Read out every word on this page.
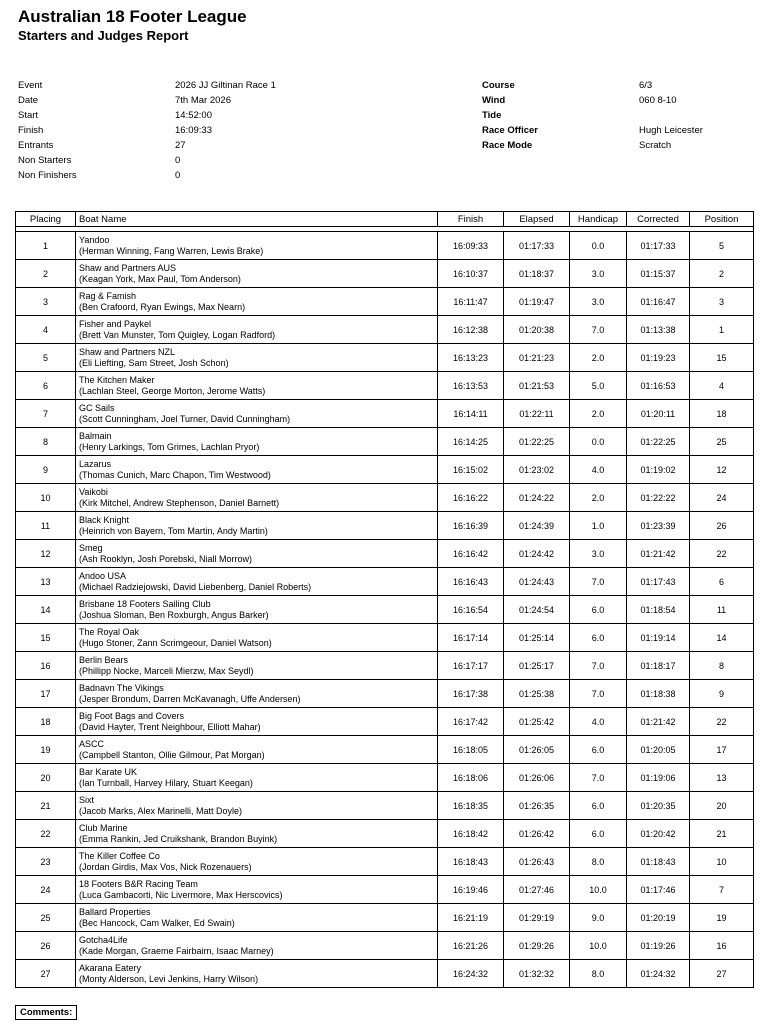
Australian 18 Footer League
Starters and Judges Report
Event	2026 JJ Giltinan Race 1
Date	7th Mar 2026
Start	14:52:00
Finish	16:09:33
Entrants	27
Non Starters	0
Non Finishers	0
Course	6/3
Wind	060 8-10
Tide
Race Officer	Hugh Leicester
Race Mode	Scratch
Placing	Boat Name	Finish	Elapsed	Handicap	Corrected	Position

1	Yandoo
(Herman Winning, Fang Warren, Lewis Brake)	16:09:33	01:17:33	0.0	01:17:33	5
2	Shaw and Partners AUS
(Keagan York, Max Paul, Tom Anderson)	16:10:37	01:18:37	3.0	01:15:37	2
3	Rag & Famish
(Ben Crafoord, Ryan Ewings, Max Nearn)	16:11:47	01:19:47	3.0	01:16:47	3
4	Fisher and Paykel
(Brett Van Munster, Tom Quigley, Logan Radford)	16:12:38	01:20:38	7.0	01:13:38	1
5	Shaw and Partners NZL
(Eli Liefting, Sam Street, Josh Schon)	16:13:23	01:21:23	2.0	01:19:23	15
6	The Kitchen Maker
(Lachlan Steel, George Morton, Jerome Watts)	16:13:53	01:21:53	5.0	01:16:53	4
7	GC Sails
(Scott Cunningham, Joel Turner, David Cunningham)	16:14:11	01:22:11	2.0	01:20:11	18
8	Balmain
(Henry Larkings, Tom Grimes, Lachlan Pryor)	16:14:25	01:22:25	0.0	01:22:25	25
9	Lazarus
(Thomas Cunich, Marc Chapon, Tim Westwood)	16:15:02	01:23:02	4.0	01:19:02	12
10	Vaikobi
(Kirk Mitchel, Andrew Stephenson, Daniel Barnett)	16:16:22	01:24:22	2.0	01:22:22	24
11	Black Knight
(Heinrich von Bayern, Tom Martin, Andy Martin)	16:16:39	01:24:39	1.0	01:23:39	26
12	Smeg
(Ash Rooklyn, Josh Porebski, Niall Morrow)	16:16:42	01:24:42	3.0	01:21:42	22
13	Andoo USA
(Michael Radziejowski, David Liebenberg, Daniel Roberts)	16:16:43	01:24:43	7.0	01:17:43	6
14	Brisbane 18 Footers Sailing Club
(Joshua Sloman, Ben Roxburgh, Angus Barker)	16:16:54	01:24:54	6.0	01:18:54	11
15	The Royal Oak
(Hugo Stoner, Zann Scrimgeour, Daniel Watson)	16:17:14	01:25:14	6.0	01:19:14	14
16	Berlin Bears
(Phillipp Nocke, Marceli Mierzw, Max Seydl)	16:17:17	01:25:17	7.0	01:18:17	8
17	Badnavn The Vikings
(Jesper Brondum, Darren McKavanagh, Uffe Andersen)	16:17:38	01:25:38	7.0	01:18:38	9
18	Big Foot Bags and Covers
(David Hayter, Trent Neighbour, Elliott Mahar)	16:17:42	01:25:42	4.0	01:21:42	22
19	ASCC
(Campbell Stanton, Ollie Gilmour, Pat Morgan)	16:18:05	01:26:05	6.0	01:20:05	17
20	Bar Karate UK
(Ian Turnball, Harvey Hilary, Stuart Keegan)	16:18:06	01:26:06	7.0	01:19:06	13
21	Sixt
(Jacob Marks, Alex Marinelli, Matt Doyle)	16:18:35	01:26:35	6.0	01:20:35	20
22	Club Marine
(Emma Rankin, Jed Cruikshank, Brandon Buyink)	16:18:42	01:26:42	6.0	01:20:42	21
23	The Killer Coffee Co
(Jordan Girdis, Max Vos, Nick Rozenauers)	16:18:43	01:26:43	8.0	01:18:43	10
24	18 Footers B&R Racing Team
(Luca Gambacorti, Nic Livermore, Max Herscovics)	16:19:46	01:27:46	10.0	01:17:46	7
25	Ballard Properties
(Bec Hancock, Cam Walker, Ed Swain)	16:21:19	01:29:19	9.0	01:20:19	19
26	Gotcha4Life
(Kade Morgan, Graeme Fairbairn, Isaac Marney)	16:21:26	01:29:26	10.0	01:19:26	16
27	Akarana Eatery
(Monty Alderson, Levi Jenkins, Harry Wilson)	16:24:32	01:32:32	8.0	01:24:32	27
Comments:
